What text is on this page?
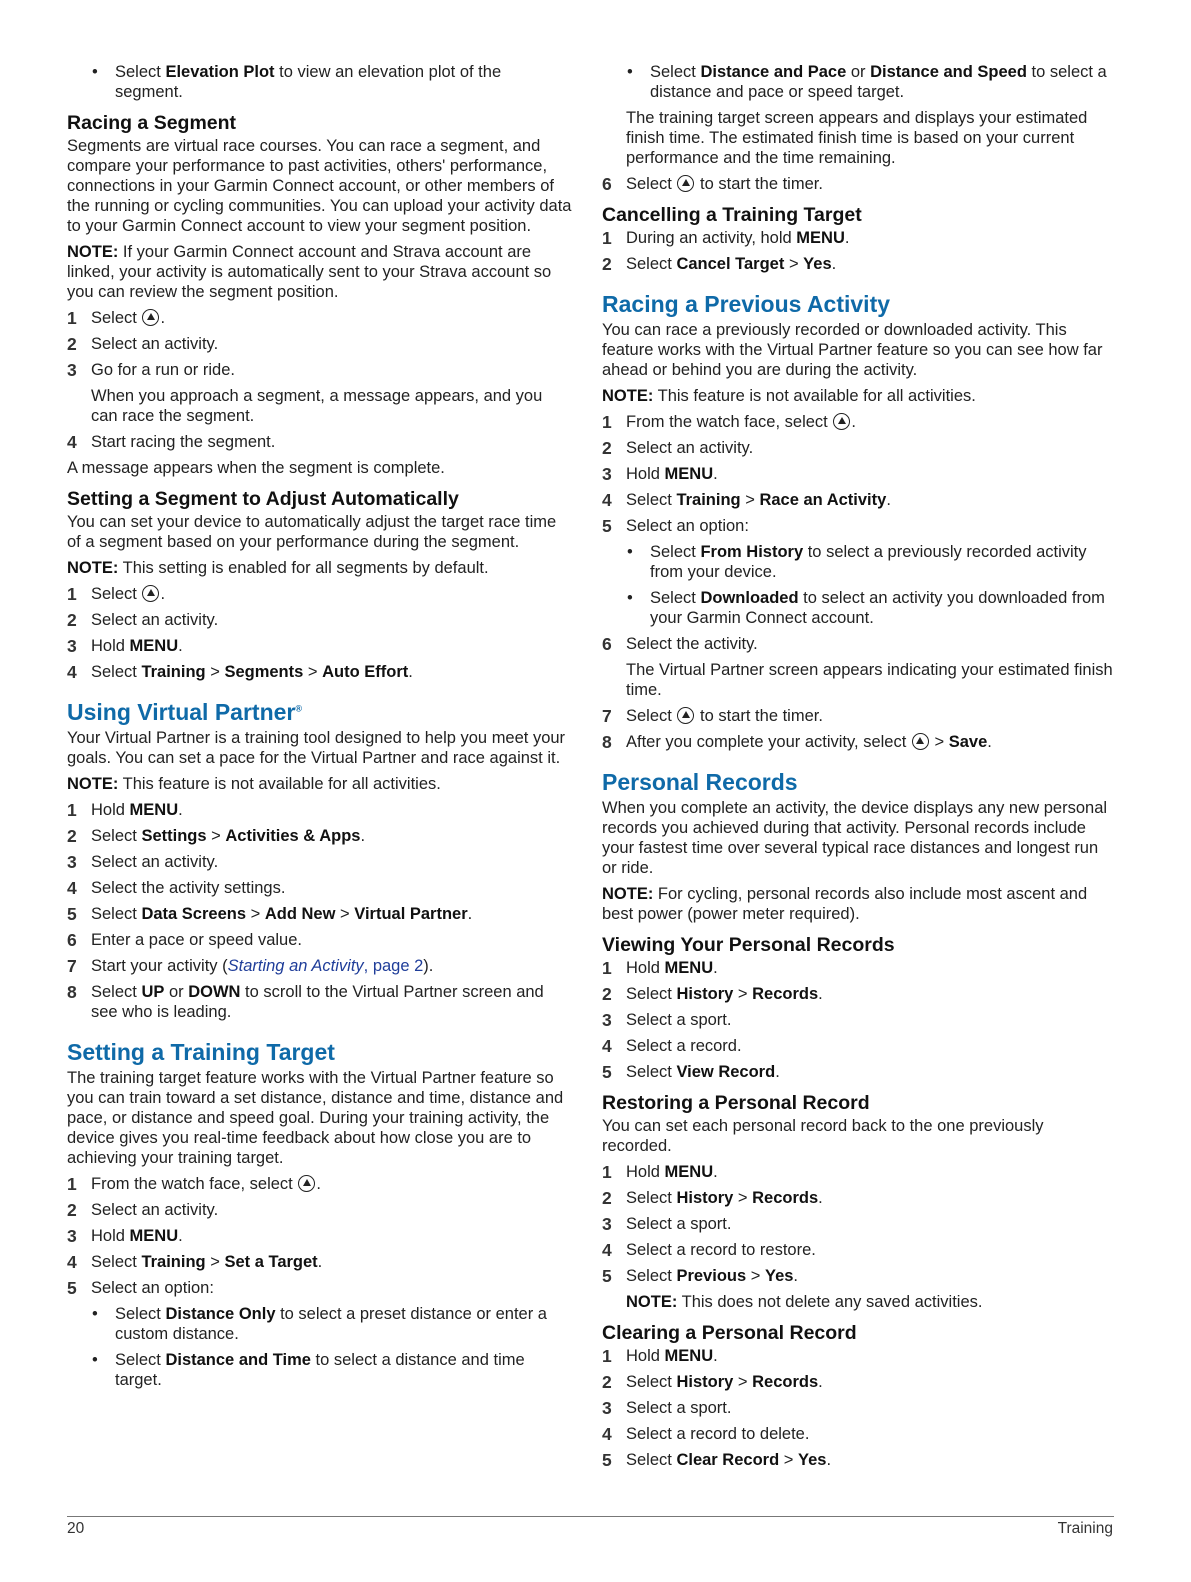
• Select Elevation Plot to view an elevation plot of the segment.
Racing a Segment

Segments are virtual race courses. You can race a segment, and compare your performance to past activities, others' performance, connections in your Garmin Connect account, or other members of the running or cycling communities. You can upload your activity data to your Garmin Connect account to view your segment position.

NOTE: If your Garmin Connect account and Strava account are linked, your activity is automatically sent to your Strava account so you can review the segment position.

1 Select .
2 Select an activity.
3 Go for a run or ride.
When you approach a segment, a message appears, and you can race the segment.
4 Start racing the segment.

A message appears when the segment is complete.

Setting a Segment to Adjust Automatically

You can set your device to automatically adjust the target race time of a segment based on your performance during the segment.

NOTE: This setting is enabled for all segments by default.

1 Select .
2 Select an activity.
3 Hold MENU.
4 Select Training > Segments > Auto Effort.
Using Virtual Partner®

Your Virtual Partner is a training tool designed to help you meet your goals. You can set a pace for the Virtual Partner and race against it.

NOTE: This feature is not available for all activities.

1 Hold MENU.
2 Select Settings > Activities & Apps.
3 Select an activity.
4 Select the activity settings.
5 Select Data Screens > Add New > Virtual Partner.
6 Enter a pace or speed value.
7 Start your activity (Starting an Activity, page 2).
8 Select UP or DOWN to scroll to the Virtual Partner screen and see who is leading.
Setting a Training Target

The training target feature works with the Virtual Partner feature so you can train toward a set distance, distance and time, distance and pace, or distance and speed goal. During your training activity, the device gives you real-time feedback about how close you are to achieving your training target.

1 From the watch face, select .
2 Select an activity.
3 Hold MENU.
4 Select Training > Set a Target.
5 Select an option:
• Select Distance Only to select a preset distance or enter a custom distance.
• Select Distance and Time to select a distance and time target.
• Select Distance and Pace or Distance and Speed to select a distance and pace or speed target.
The training target screen appears and displays your estimated finish time. The estimated finish time is based on your current performance and the time remaining.
6 Select  to start the timer.
Cancelling a Training Target
1 During an activity, hold MENU.
2 Select Cancel Target > Yes.
Racing a Previous Activity

You can race a previously recorded or downloaded activity. This feature works with the Virtual Partner feature so you can see how far ahead or behind you are during the activity.

NOTE: This feature is not available for all activities.

1 From the watch face, select .
2 Select an activity.
3 Hold MENU.
4 Select Training > Race an Activity.
5 Select an option:
• Select From History to select a previously recorded activity from your device.
• Select Downloaded to select an activity you downloaded from your Garmin Connect account.
6 Select the activity.
The Virtual Partner screen appears indicating your estimated finish time.
7 Select  to start the timer.
8 After you complete your activity, select  > Save.
Personal Records

When you complete an activity, the device displays any new personal records you achieved during that activity. Personal records include your fastest time over several typical race distances and longest run or ride.

NOTE: For cycling, personal records also include most ascent and best power (power meter required).

Viewing Your Personal Records
1 Hold MENU.
2 Select History > Records.
3 Select a sport.
4 Select a record.
5 Select View Record.
Restoring a Personal Record

You can set each personal record back to the one previously recorded.

1 Hold MENU.
2 Select History > Records.
3 Select a sport.
4 Select a record to restore.
5 Select Previous > Yes.
NOTE: This does not delete any saved activities.
Clearing a Personal Record
1 Hold MENU.
2 Select History > Records.
3 Select a sport.
4 Select a record to delete.
5 Select Clear Record > Yes.
20	Training
